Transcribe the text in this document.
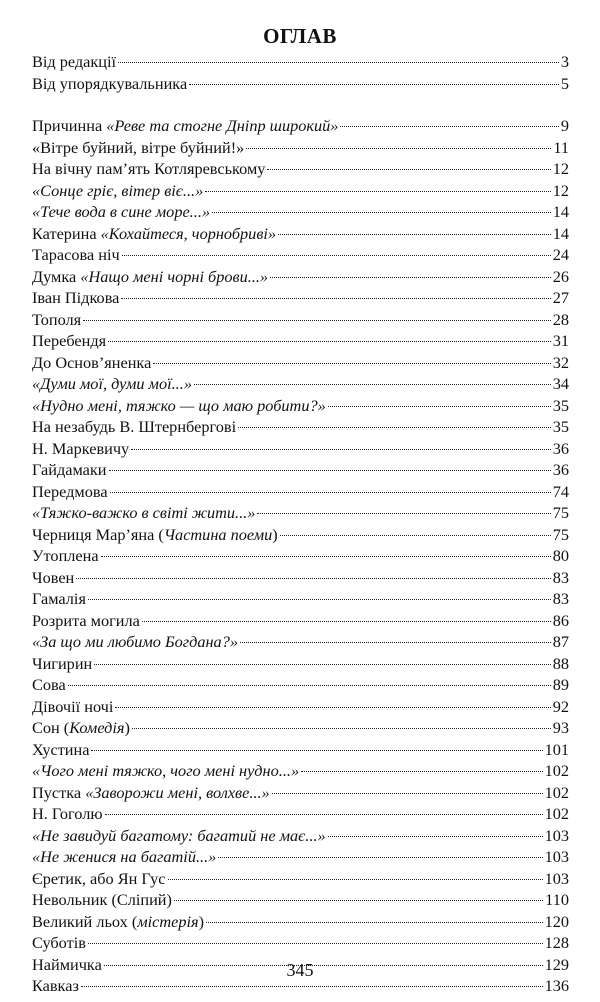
ОГЛАВ
Від редакції	3
Від упорядкувальника	5
Причинна «Реве та стогне Дніпр широкий»	9
«Вітре буйний, вітре буйний!»	11
На вічну пам’ять Котляревському	12
«Сонце гріє, вітер віє...»	12
«Тече вода в сине море...»	14
Катерина «Кохайтеся, чорнобриві»	14
Тарасова ніч	24
Думка «Нащо мені чорні брови...»	26
Іван Підкова	27
Тополя	28
Перебендя	31
До Основ’яненка	32
«Думи мої, думи мої...»	34
«Нудно мені, тяжко — що маю робити?»	35
На незабудь В. Штернбергові	35
Н. Маркевичу	36
Гайдамаки	36
Передмова	74
«Тяжко-важко в світі жити...»	75
Черниця Мар’яна (Частина поеми)	75
Утоплена	80
Човен	83
Гамалія	83
Розрита могила	86
«За що ми любимо Богдана?»	87
Чигирин	88
Сова	89
Дівочії ночі	92
Сон (Комедія)	93
Хустина	101
«Чого мені тяжко, чого мені нудно...»	102
Пустка «Заворожи мені, волхве...»	102
Н. Гоголю	102
«Не завидуй багатому: багатий не має...»	103
«Не женися на багатій...»	103
Єретик, або Ян Гус	103
Невольник (Сліпий)	110
Великий льох (містерія)	120
Суботів	128
Наймичка	129
Кавказ	136
345
